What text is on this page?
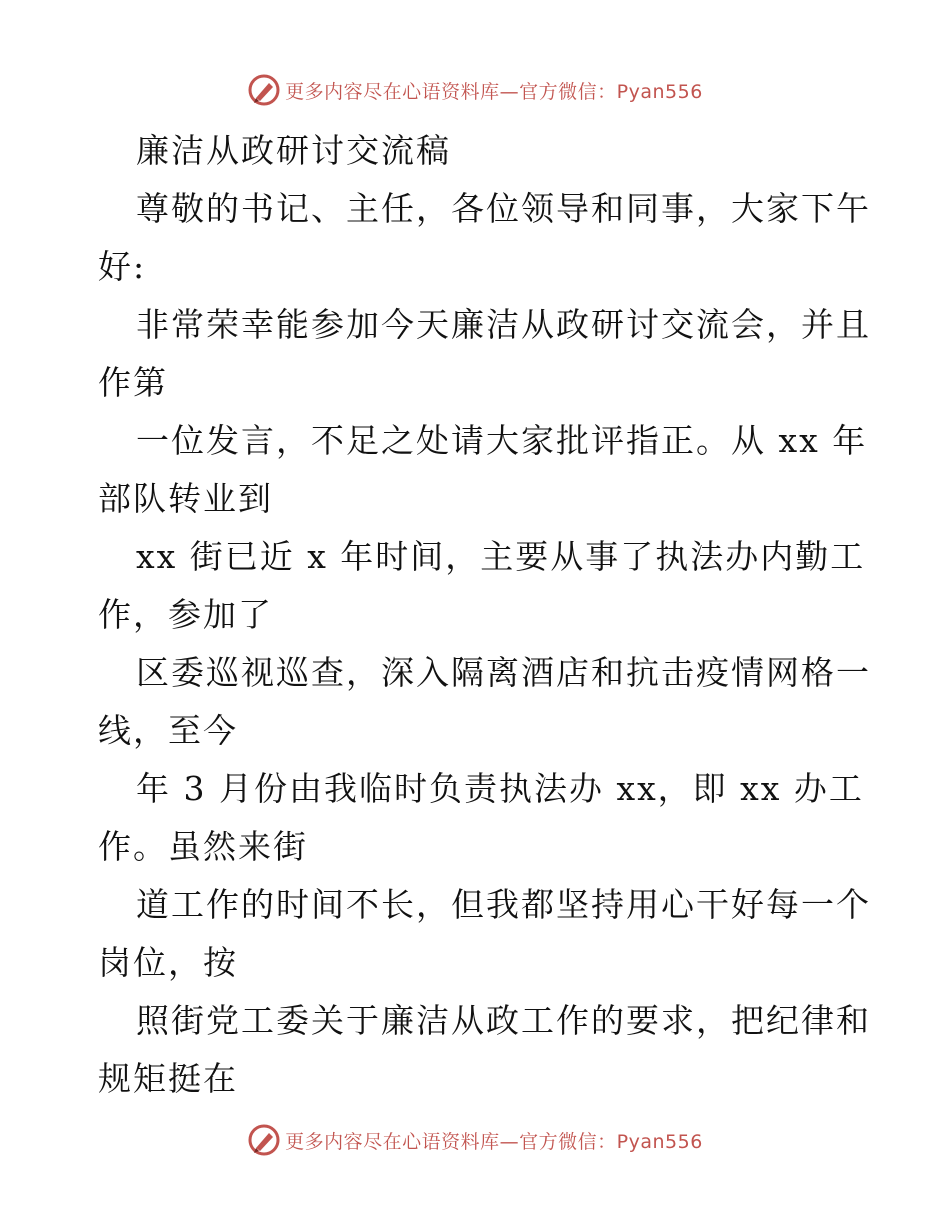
更多内容尽在心语资料库—官方微信：Pyan556
廉洁从政研讨交流稿
尊敬的书记、主任，各位领导和同事，大家下午
好:
非常荣幸能参加今天廉洁从政研讨交流会，并且
作第
一位发言，不足之处请大家批评指正。从 xx 年
部队转业到
xx 街已近 x 年时间，主要从事了执法办内勤工
作，参加了
区委巡视巡查，深入隔离酒店和抗击疫情网格一
线，至今
年 3 月份由我临时负责执法办 xx，即 xx 办工
作。虽然来街
道工作的时间不长，但我都坚持用心干好每一个
岗位，按
照街党工委关于廉洁从政工作的要求，把纪律和
规矩挺在
更多内容尽在心语资料库—官方微信：Pyan556
